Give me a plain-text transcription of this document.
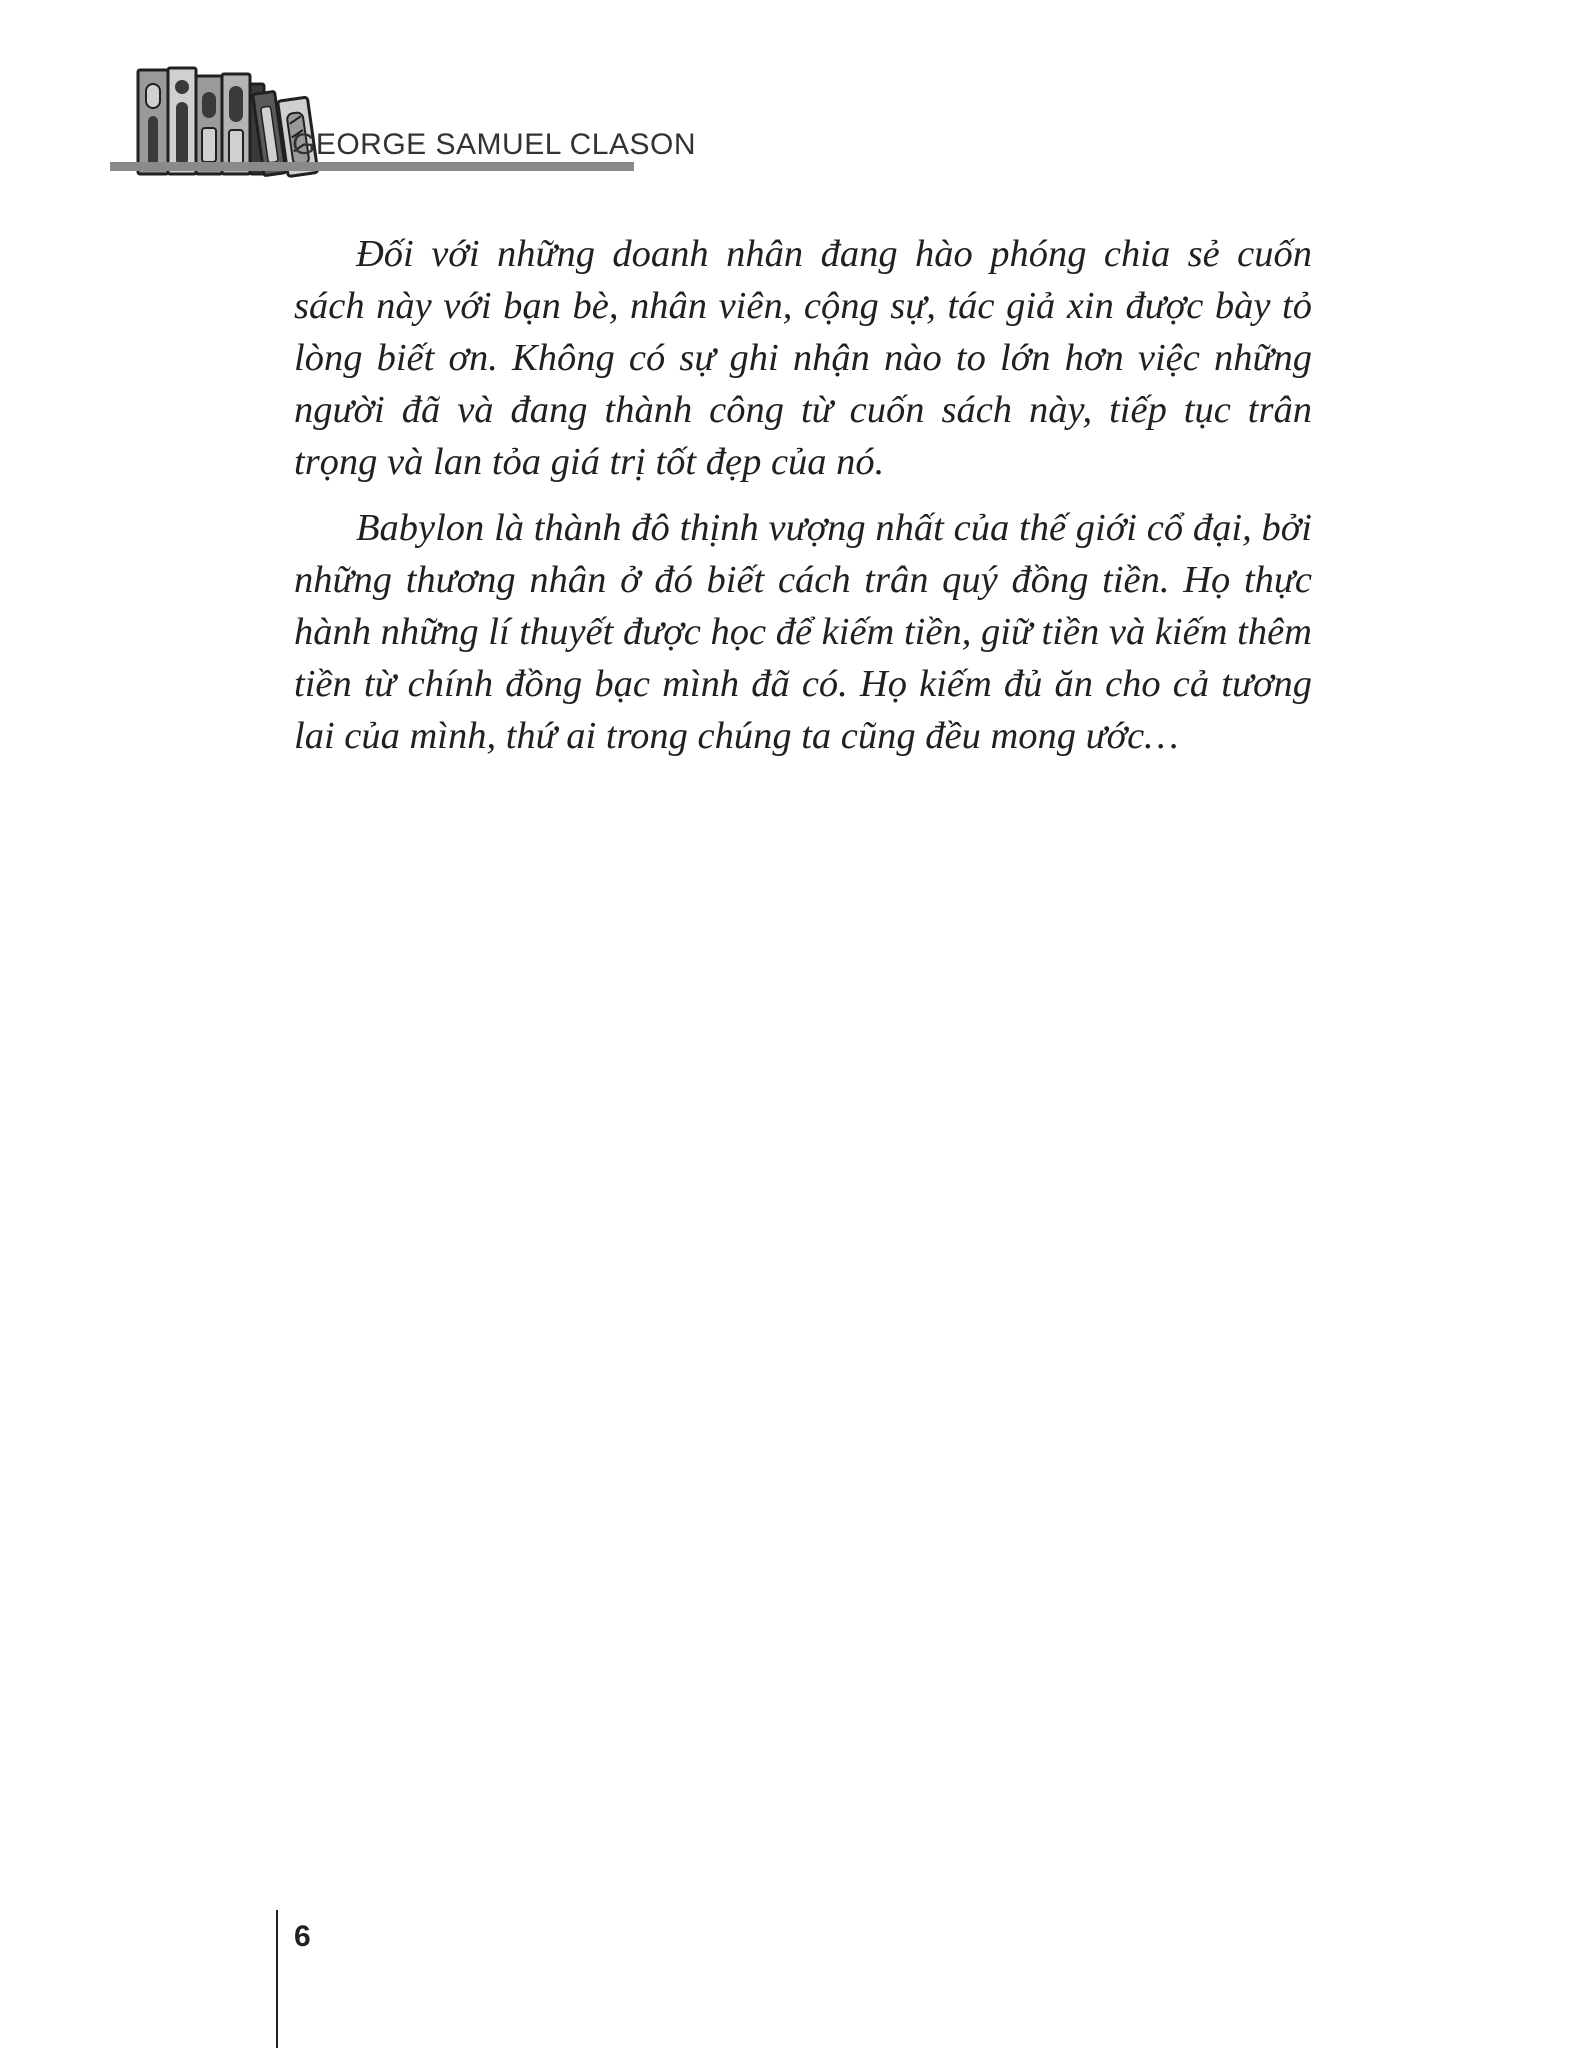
GEORGE SAMUEL CLASON

Đối với những doanh nhân đang hào phóng chia sẻ cuốn sách này với bạn bè, nhân viên, cộng sự, tác giả xin được bày tỏ lòng biết ơn. Không có sự ghi nhận nào to lớn hơn việc những người đã và đang thành công từ cuốn sách này, tiếp tục trân trọng và lan tỏa giá trị tốt đẹp của nó.

Babylon là thành đô thịnh vượng nhất của thế giới cổ đại, bởi những thương nhân ở đó biết cách trân quý đồng tiền. Họ thực hành những lí thuyết được học để kiếm tiền, giữ tiền và kiếm thêm tiền từ chính đồng bạc mình đã có. Họ kiếm đủ ăn cho cả tương lai của mình, thứ ai trong chúng ta cũng đều mong ước…

6
